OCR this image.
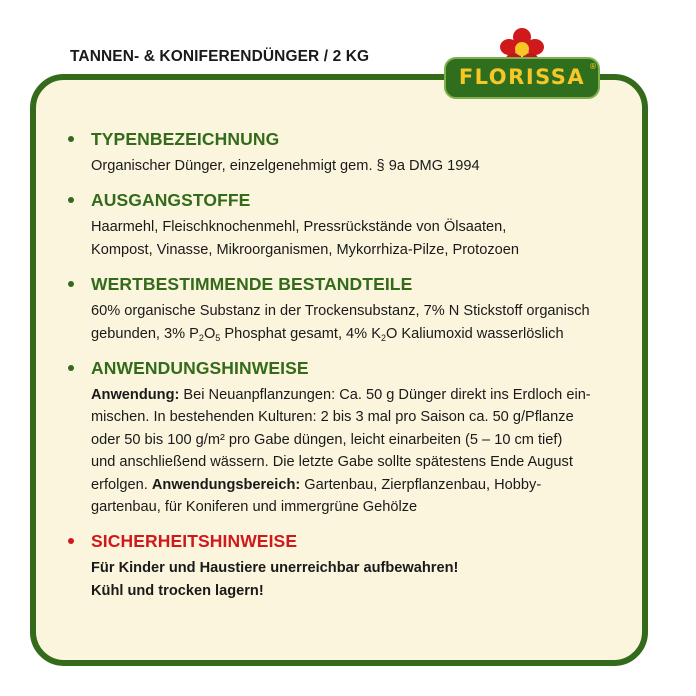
TANNEN- & KONIFERENDÜNGER / 2 KG
FLORISSA ®
TYPENBEZEICHNUNG
Organischer Dünger, einzelgenehmigt gem. § 9a DMG 1994
AUSGANGSTOFFE
Haarmehl, Fleischknochenmehl, Pressrückstände von Ölsaaten,
Kompost, Vinasse, Mikroorganismen, Mykorrhiza-Pilze, Protozoen
WERTBESTIMMENDE BESTANDTEILE
60% organische Substanz in der Trockensubstanz, 7% N Stickstoff organisch
gebunden, 3% $P_2O_5$ Phosphat gesamt, 4% $K_2O$ Kaliumoxid wasserlöslich
ANWENDUNGSHINWEISE
Anwendung: Bei Neuanpflanzungen: Ca. 50 g Dünger direkt ins Erdloch ein-
mischen. In bestehenden Kulturen: 2 bis 3 mal pro Saison ca. 50 g/Pflanze
oder 50 bis 100 g/m² pro Gabe düngen, leicht einarbeiten (5 – 10 cm tief)
und anschließend wässern. Die letzte Gabe sollte spätestens Ende August
erfolgen. Anwendungsbereich: Gartenbau, Zierpflanzenbau, Hobby-
gartenbau, für Koniferen und immergrüne Gehölze
SICHERHEITSHINWEISE
Für Kinder und Haustiere unerreichbar aufbewahren!
Kühl und trocken lagern!
